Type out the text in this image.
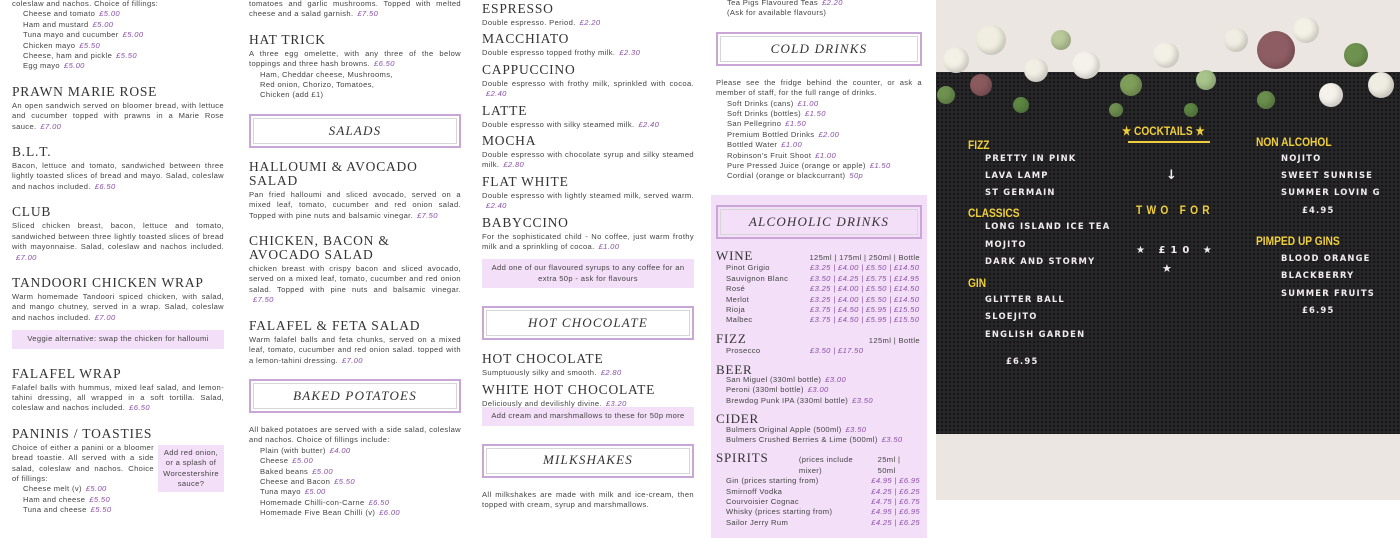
coleslaw and nachos. Choice of fillings:
Cheese and tomato £5.00
Ham and mustard £5.00
Tuna mayo and cucumber £5.00
Chicken mayo £5.50
Cheese, ham and pickle £5.50
Egg mayo £5.00
PRAWN MARIE ROSE
An open sandwich served on bloomer bread, with lettuce and cucumber topped with prawns in a Marie Rose sauce. £7.00
B.L.T.
Bacon, lettuce and tomato, sandwiched between three lightly toasted slices of bread and mayo. Salad, coleslaw and nachos included. £6.50
CLUB
Sliced chicken breast, bacon, lettuce and tomato, sandwiched between three lightly toasted slices of bread with mayonnaise. Salad, coleslaw and nachos included.£7.00
TANDOORI CHICKEN WRAP
Warm homemade Tandoori spiced chicken, with salad, and mango chutney, served in a wrap. Salad, coleslaw and nachos included. £7.00
Veggie alternative: swap the chicken for halloumi
FALAFEL WRAP
Falafel balls with hummus, mixed leaf salad, and lemon-tahini dressing, all wrapped in a soft tortilla. Salad, coleslaw and nachos included. £6.50
PANINIS / TOASTIES
Add red onion, or a splash of Worcestershire sauce?
Choice of either a panini or a bloomer bread toastie. All served with a side salad, coleslaw and nachos. Choice of fillings:
Cheese melt (v) £5.00
Ham and cheese £5.50
Tuna and cheese £5.50
tomatoes and garlic mushrooms. Topped with melted cheese and a salad garnish. £7.50
HAT TRICK
A three egg omelette, with any three of the below toppings and three hash browns. £6.50
Ham, Cheddar cheese, Mushrooms,
Red onion, Chorizo, Tomatoes,
Chicken (add £1)
SALADS
HALLOUMI & AVOCADO SALAD
Pan fried halloumi and sliced avocado, served on a mixed leaf, tomato, cucumber and red onion salad. Topped with pine nuts and balsamic vinegar. £7.50
CHICKEN, BACON & AVOCADO SALAD
chicken breast with crispy bacon and sliced avocado, served on a mixed leaf, tomato, cucumber and red onion salad. Topped with pine nuts and balsamic vinegar.£7.50
FALAFEL & FETA SALAD
Warm falafel balls and feta chunks, served on a mixed leaf, tomato, cucumber and red onion salad. topped with a lemon-tahini dressing. £7.00
BAKED POTATOES
All baked potatoes are served with a side salad, coleslaw and nachos. Choice of fillings include:
Plain (with butter) £4.00
Cheese £5.00
Baked beans £5.00
Cheese and Bacon £5.50
Tuna mayo £5.00
Homemade Chilli-con-Carne £6.50
Homemade Five Bean Chilli (v) £6.00
ESPRESSO
Double espresso. Period. £2.20
MACCHIATO
Double espresso topped frothy milk. £2.30
CAPPUCCINO
Double espresso with frothy milk, sprinkled with cocoa.£2.40
LATTE
Double espresso with silky steamed milk. £2.40
MOCHA
Double espresso with chocolate syrup and silky steamed milk. £2.80
FLAT WHITE
Double espresso with lightly steamed milk, served warm.£2.40
BABYCCINO
For the sophisticated child - No coffee, just warm frothy milk and a sprinkling of cocoa. £1.00
Add one of our flavoured syrups to any coffee for an extra 50p - ask for flavours
HOT CHOCOLATE
HOT CHOCOLATE
Sumptuously silky and smooth. £2.80
WHITE HOT CHOCOLATE
Deliciously and devilishly divine. £3.20
Add cream and marshmallows to these for 50p more
MILKSHAKES
All milkshakes are made with milk and ice-cream, then topped with cream, syrup and marshmallows.
Tea Pigs Flavoured Teas £2.20
(Ask for available flavours)
COLD DRINKS
Please see the fridge behind the counter, or ask a member of staff, for the full range of drinks.
Soft Drinks (cans) £1.00
Soft Drinks (bottles) £1.50
San Pellegrino £1.50
Premium Bottled Drinks £2.00
Bottled Water £1.00
Robinson's Fruit Shoot £1.00
Pure Pressed Juice (orange or apple) £1.50
Cordial (orange or blackcurrant) 50p
ALCOHOLIC DRINKS
WINE	125ml | 175ml | 250ml | Bottle
Pinot Grigio	£3.25 | £4.00 | £5.50 | £14.50
Sauvignon Blanc	£3.50 | £4.25 | £5.75 | £14.95
Rosé	£3.25 | £4.00 | £5.50 | £14.50
Merlot	£3.25 | £4.00 | £5.50 | £14.50
Rioja	£3.75 | £4.50 | £5.95 | £15.50
Malbec	£3.75 | £4.50 | £5.95 | £15.50
FIZZ	125ml | Bottle
Prosecco	£3.50 | £17.50
BEER
San Miguel (330ml bottle) £3.00
Peroni (330ml bottle) £3.00
Brewdog Punk IPA (330ml bottle) £3.50
CIDER
Bulmers Original Apple (500ml) £3.50
Bulmers Crushed Berries & Lime (500ml) £3.50
SPIRITS	(prices include mixer)
25ml | 50ml
Gin (prices starting from)	£4.95 | £6.95
Smirnoff Vodka	£4.25 | £6.25
Courvoisier Cognac	£4.75 | £6.75
Whisky (prices starting from)	£4.95 | £6.95
Sailor Jerry Rum	£4.25 | £6.25
★ COCKTAILS ★
FIZZ
PRETTY IN PINK
LAVA LAMP
ST GERMAIN
CLASSICS
LONG ISLAND ICE TEA
MOJITO
DARK AND STORMY
GIN
GLITTER BALL
SLOEJITO
ENGLISH GARDEN
£6.95
↓
TWO FOR
★ £10 ★
★
NON ALCOHOL
NOJITO
SWEET SUNRISE
SUMMER LOVIN G
£4.95
PIMPED UP GINS
BLOOD ORANGE
BLACKBERRY
SUMMER FRUITS
£6.95
